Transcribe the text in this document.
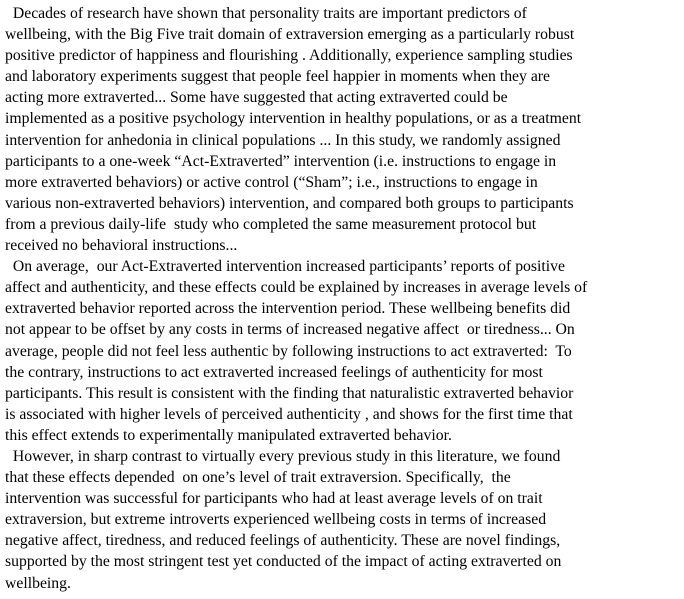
Decades of research have shown that personality traits are important predictors of
wellbeing, with the Big Five trait domain of extraversion emerging as a particularly robust
positive predictor of happiness and flourishing . Additionally, experience sampling studies
and laboratory experiments suggest that people feel happier in moments when they are
acting more extraverted... Some have suggested that acting extraverted could be
implemented as a positive psychology intervention in healthy populations, or as a treatment
intervention for anhedonia in clinical populations ... In this study, we randomly assigned
participants to a one-week “Act-Extraverted” intervention (i.e. instructions to engage in
more extraverted behaviors) or active control (“Sham”; i.e., instructions to engage in
various non-extraverted behaviors) intervention, and compared both groups to participants
from a previous daily-life  study who completed the same measurement protocol but
received no behavioral instructions...
On average,  our Act-Extraverted intervention increased participants’ reports of positive
affect and authenticity, and these effects could be explained by increases in average levels of
extraverted behavior reported across the intervention period. These wellbeing benefits did
not appear to be offset by any costs in terms of increased negative affect  or tiredness... On
average, people did not feel less authentic by following instructions to act extraverted:  To
the contrary, instructions to act extraverted increased feelings of authenticity for most
participants. This result is consistent with the finding that naturalistic extraverted behavior
is associated with higher levels of perceived authenticity , and shows for the first time that
this effect extends to experimentally manipulated extraverted behavior.
However, in sharp contrast to virtually every previous study in this literature, we found
that these effects depended  on one’s level of trait extraversion. Specifically,  the
intervention was successful for participants who had at least average levels of on trait
extraversion, but extreme introverts experienced wellbeing costs in terms of increased
negative affect, tiredness, and reduced feelings of authenticity. These are novel findings,
supported by the most stringent test yet conducted of the impact of acting extraverted on
wellbeing.
